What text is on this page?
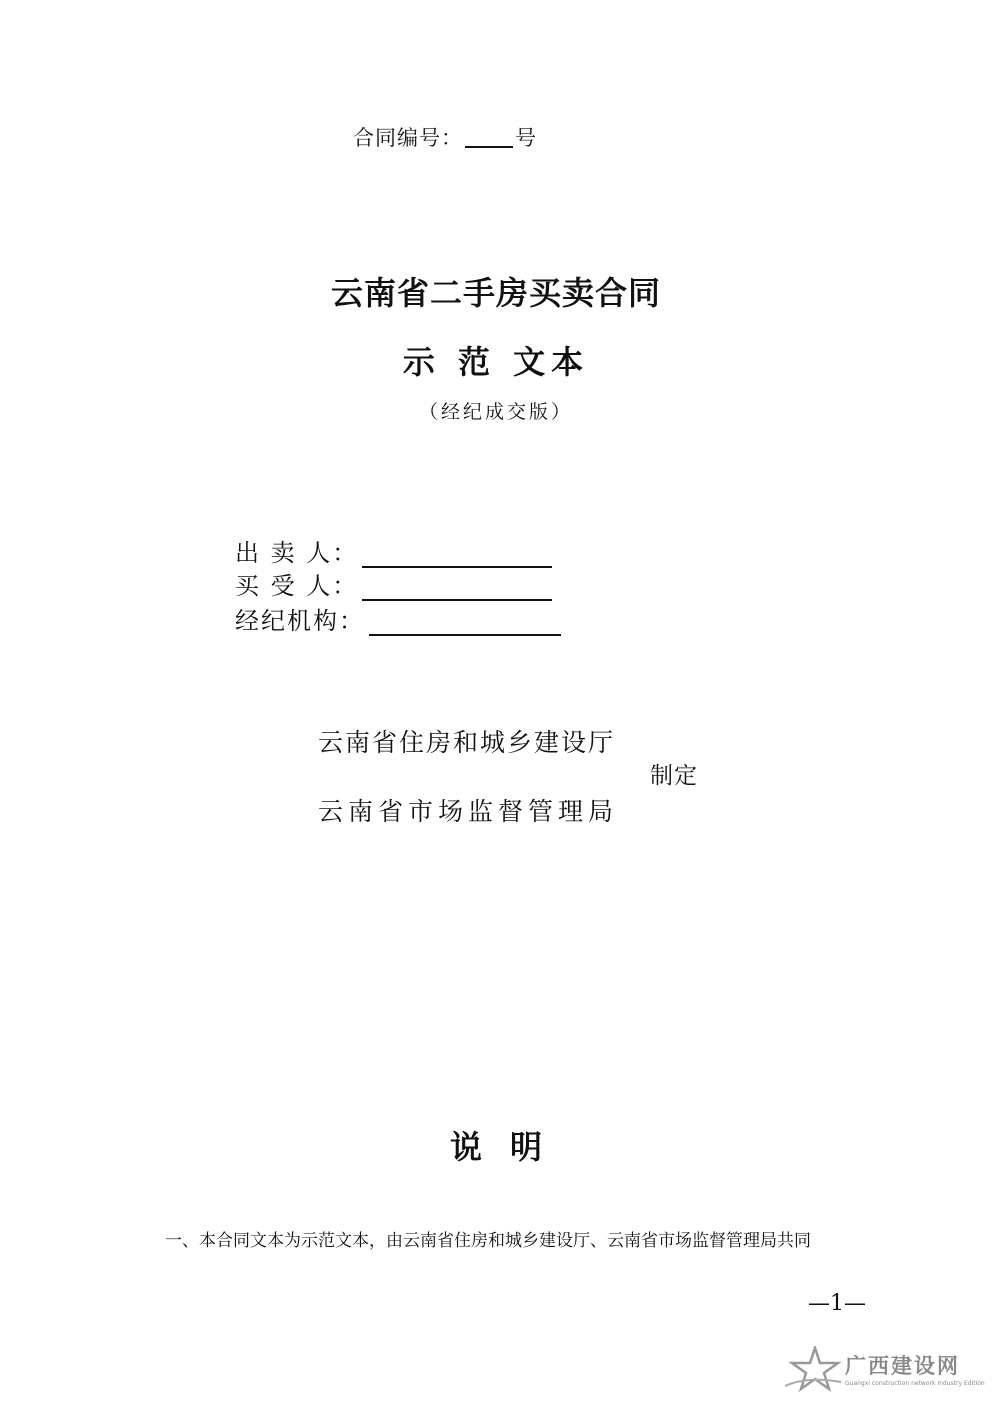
合同编号： 号
云南省二手房买卖合同
示 范 文本
（经纪成交版）
出 卖 人：
买 受 人：
经纪机构：
云南省住房和城乡建设厅
制定
云南省市场监督管理局
说明
一、本合同文本为示范文本，由云南省住房和城乡建设厅、云南省市场监督管理局共同
—1—
广西建设网
Guangxi construction network Industry Edition
